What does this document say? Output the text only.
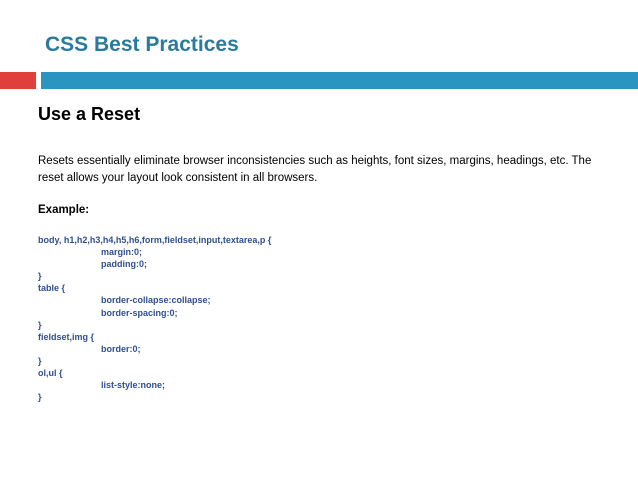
CSS Best Practices
Use a Reset
Resets essentially eliminate browser inconsistencies such as heights, font sizes, margins, headings, etc. The reset allows your layout look consistent in all browsers.
Example:
body, h1,h2,h3,h4,h5,h6,form,fieldset,input,textarea,p {
margin:0;
padding:0;
}
table {
border-collapse:collapse;
border-spacing:0;
}
fieldset,img {
border:0;
}
ol,ul {
list-style:none;
}
